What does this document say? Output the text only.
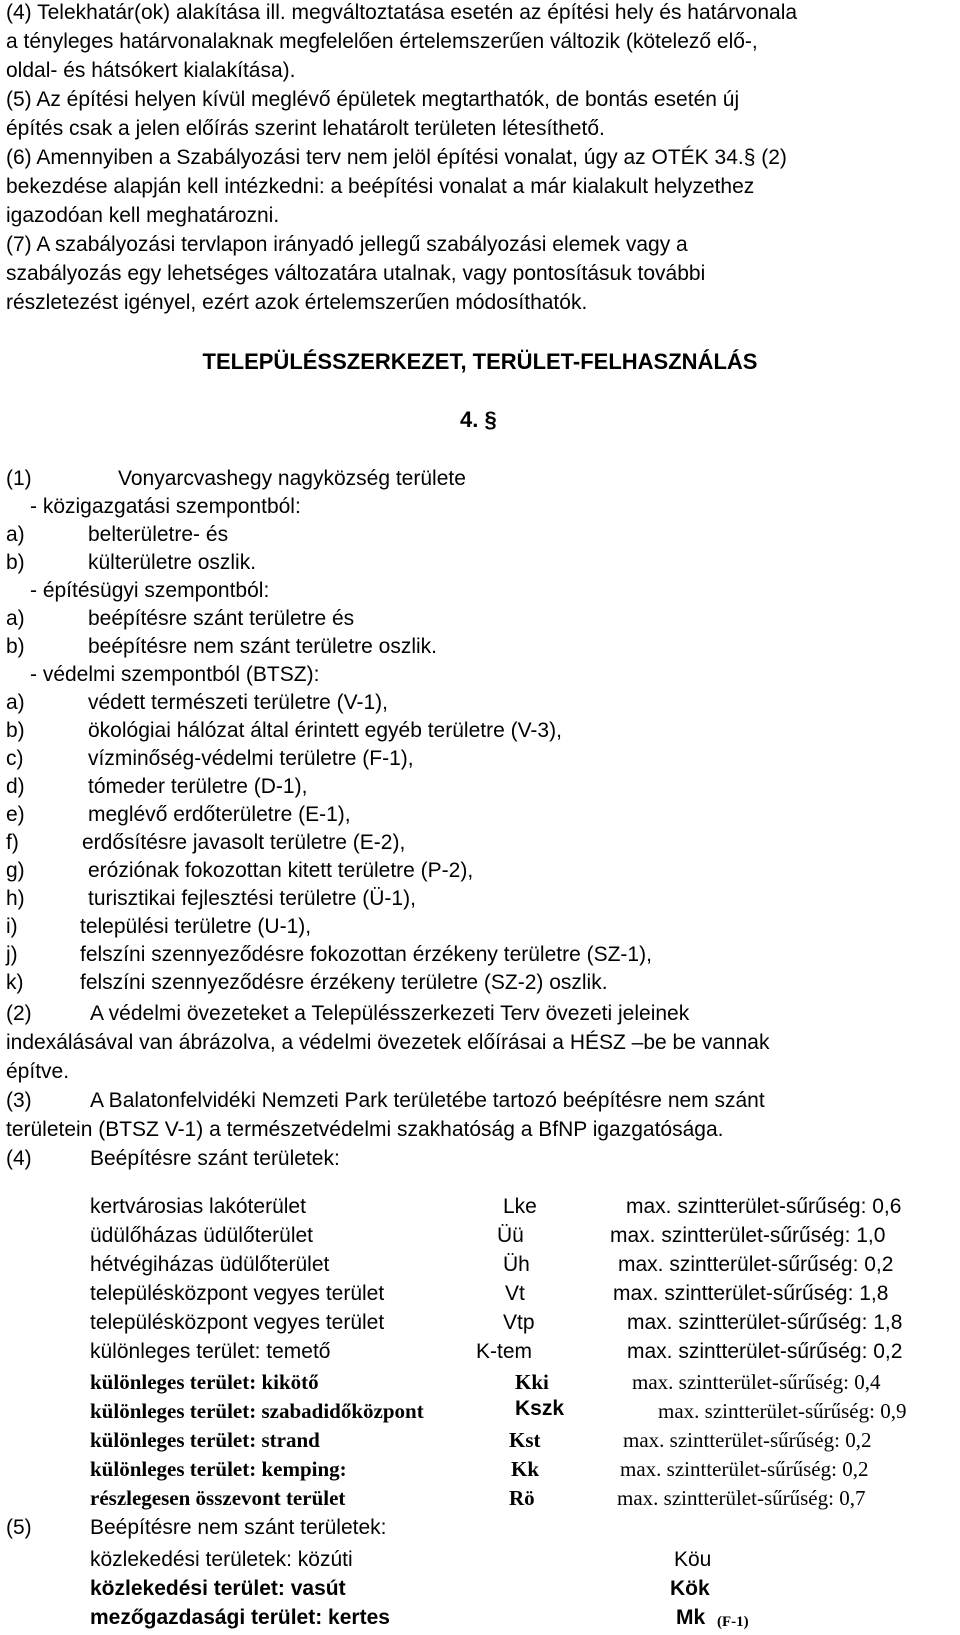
(4) Telekhatár(ok) alakítása ill. megváltoztatása esetén az építési hely és határvonala
a tényleges határvonalaknak megfelelően értelemszerűen változik (kötelező elő-,
oldal- és hátsókert kialakítása).
(5) Az építési helyen kívül meglévő épületek megtarthatók, de bontás esetén új
építés csak a jelen előírás szerint lehatárolt területen létesíthető.
(6) Amennyiben a Szabályozási terv nem jelöl építési vonalat, úgy az OTÉK 34.§ (2)
bekezdése alapján kell intézkedni: a beépítési vonalat a már kialakult helyzethez
igazodóan kell meghatározni.
(7) A szabályozási tervlapon irányadó jellegű szabályozási elemek vagy a
szabályozás egy lehetséges változatára utalnak, vagy pontosításuk további
részletezést igényel, ezért azok értelemszerűen módosíthatók.
TELEPÜLÉSSZERKEZET, TERÜLET-FELHASZNÁLÁS
4. §
(1)	Vonyarcvashegy nagyközség területe
- közigazgatási szempontból:
a)	belterületre- és
b)	külterületre oszlik.
- építésügyi szempontból:
a)	beépítésre szánt területre és
b)	beépítésre nem szánt területre oszlik.
- védelmi szempontból (BTSZ):
a)	védett természeti területre (V-1),
b)	ökológiai hálózat által érintett egyéb területre (V-3),
c)	vízminőség-védelmi területre (F-1),
d)	tómeder területre (D-1),
e)	meglévő erdőterületre (E-1),
f)	erdősítésre javasolt területre (E-2),
g)	eróziónak fokozottan kitett területre (P-2),
h)	turisztikai fejlesztési területre (Ü-1),
i)	települési területre (U-1),
j)	felszíni szennyeződésre fokozottan érzékeny területre (SZ-1),
k)	felszíni szennyeződésre érzékeny területre (SZ-2) oszlik.
(2)	A védelmi övezeteket a Településszerkezeti Terv övezeti jeleinek
indexálásával van ábrázolva, a védelmi övezetek előírásai a HÉSZ –be be vannak
építve.
(3)	A Balatonfelvidéki Nemzeti Park területébe tartozó beépítésre nem szánt
területein (BTSZ V-1) a természetvédelmi szakhatóság a BfNP igazgatósága.
(4)	Beépítésre szánt területek:
kertvárosias lakóterület	Lke	max. szintterület-sűrűség: 0,6
üdülőházas üdülőterület	Üü	max. szintterület-sűrűség: 1,0
hétvégiházas üdülőterület	Üh	max. szintterület-sűrűség: 0,2
településközpont vegyes terület	Vt	max. szintterület-sűrűség: 1,8
településközpont vegyes terület	Vtp	max. szintterület-sűrűség: 1,8
különleges terület: temető	K-tem	max. szintterület-sűrűség: 0,2
különleges terület: kikötő	Kki	max. szintterület-sűrűség: 0,4
különleges terület: szabadidőközpont	Kszk	max. szintterület-sűrűség: 0,9
különleges terület: strand	Kst	max. szintterület-sűrűség: 0,2
különleges terület: kemping:	Kk	max. szintterület-sűrűség: 0,2
részlegesen összevont terület	Rö	max. szintterület-sűrűség: 0,7
(5)	Beépítésre nem szánt területek:
közlekedési területek: közúti	Köu
közlekedési terület: vasút	Kök
mezőgazdasági terület: kertes	Mk (F-1)
